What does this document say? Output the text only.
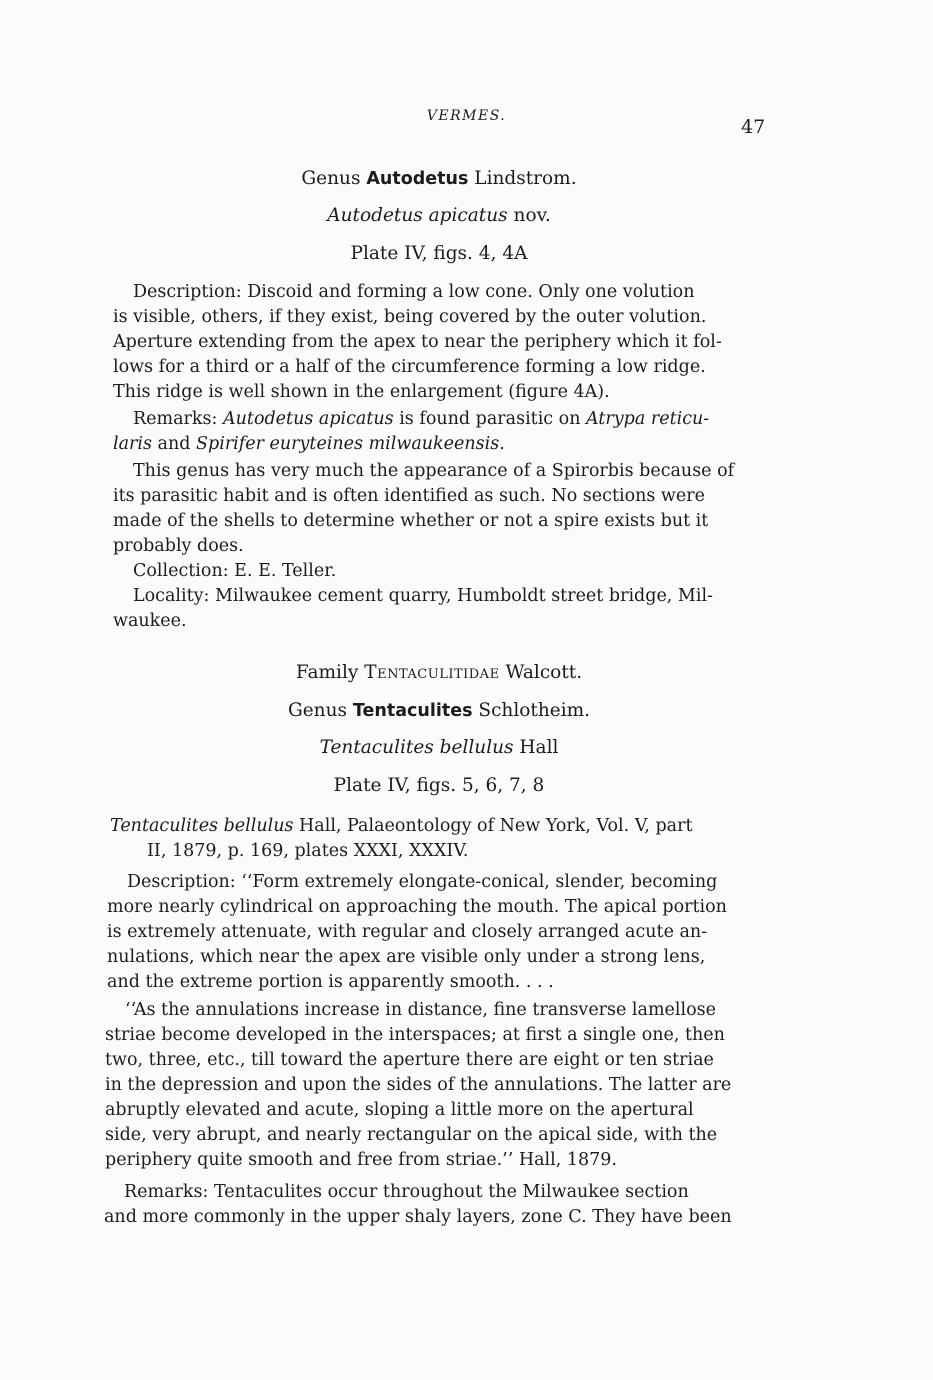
VERMES.	47
Genus Autodetus Lindstrom.
Autodetus apicatus nov.
Plate IV, figs. 4, 4A
Description: Discoid and forming a low cone. Only one volution
is visible, others, if they exist, being covered by the outer volution.
Aperture extending from the apex to near the periphery which it fol-
lows for a third or a half of the circumference forming a low ridge.
This ridge is well shown in the enlargement (figure 4A).
Remarks: Autodetus apicatus is found parasitic on Atrypa reticu-
laris and Spirifer euryteines milwaukeensis.
This genus has very much the appearance of a Spirorbis because of
its parasitic habit and is often identified as such. No sections were
made of the shells to determine whether or not a spire exists but it
probably does.
Collection: E. E. Teller.
Locality: Milwaukee cement quarry, Humboldt street bridge, Mil-
waukee.
Family Tentaculitidae Walcott.
Genus Tentaculites Schlotheim.
Tentaculites bellulus Hall
Plate IV, figs. 5, 6, 7, 8
Tentaculites bellulus Hall, Palaeontology of New York, Vol. V, part
II, 1879, p. 169, plates XXXI, XXXIV.
Description: ‘‘Form extremely elongate-conical, slender, becoming
more nearly cylindrical on approaching the mouth. The apical portion
is extremely attenuate, with regular and closely arranged acute an-
nulations, which near the apex are visible only under a strong lens,
and the extreme portion is apparently smooth. . . .
‘‘As the annulations increase in distance, fine transverse lamellose
striae become developed in the interspaces; at first a single one, then
two, three, etc., till toward the aperture there are eight or ten striae
in the depression and upon the sides of the annulations. The latter are
abruptly elevated and acute, sloping a little more on the apertural
side, very abrupt, and nearly rectangular on the apical side, with the
periphery quite smooth and free from striae.’’ Hall, 1879.
Remarks: Tentaculites occur throughout the Milwaukee section
and more commonly in the upper shaly layers, zone C. They have been
